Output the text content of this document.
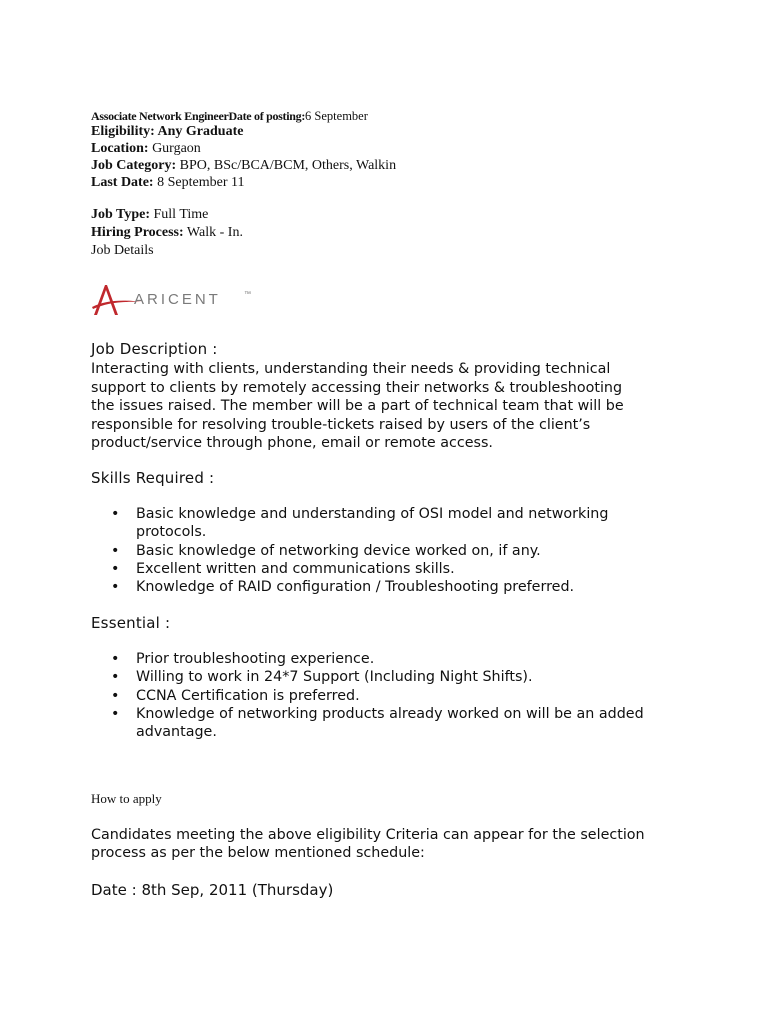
Associate Network EngineerDate of posting:6 September
Eligibility: Any Graduate
Location: Gurgaon
Job Category: BPO, BSc/BCA/BCM, Others, Walkin
Last Date: 8 September 11
Job Type: Full Time
Hiring Process: Walk - In.
Job Details
ARICENT	™
Job Description :
Interacting with clients, understanding their needs & providing technical
support to clients by remotely accessing their networks & troubleshooting
the issues raised. The member will be a part of technical team that will be
responsible for resolving trouble-tickets raised by users of the client’s
product/service through phone, email or remote access.
Skills Required :
• Basic knowledge and understanding of OSI model and networking protocols.
• Basic knowledge of networking device worked on, if any.
• Excellent written and communications skills.
• Knowledge of RAID configuration / Troubleshooting preferred.
Essential :
• Prior troubleshooting experience.
• Willing to work in 24*7 Support (Including Night Shifts).
• CCNA Certification is preferred.
• Knowledge of networking products already worked on will be an added advantage.
How to apply
Candidates meeting the above eligibility Criteria can appear for the selection
process as per the below mentioned schedule:
Date : 8th Sep, 2011 (Thursday)
